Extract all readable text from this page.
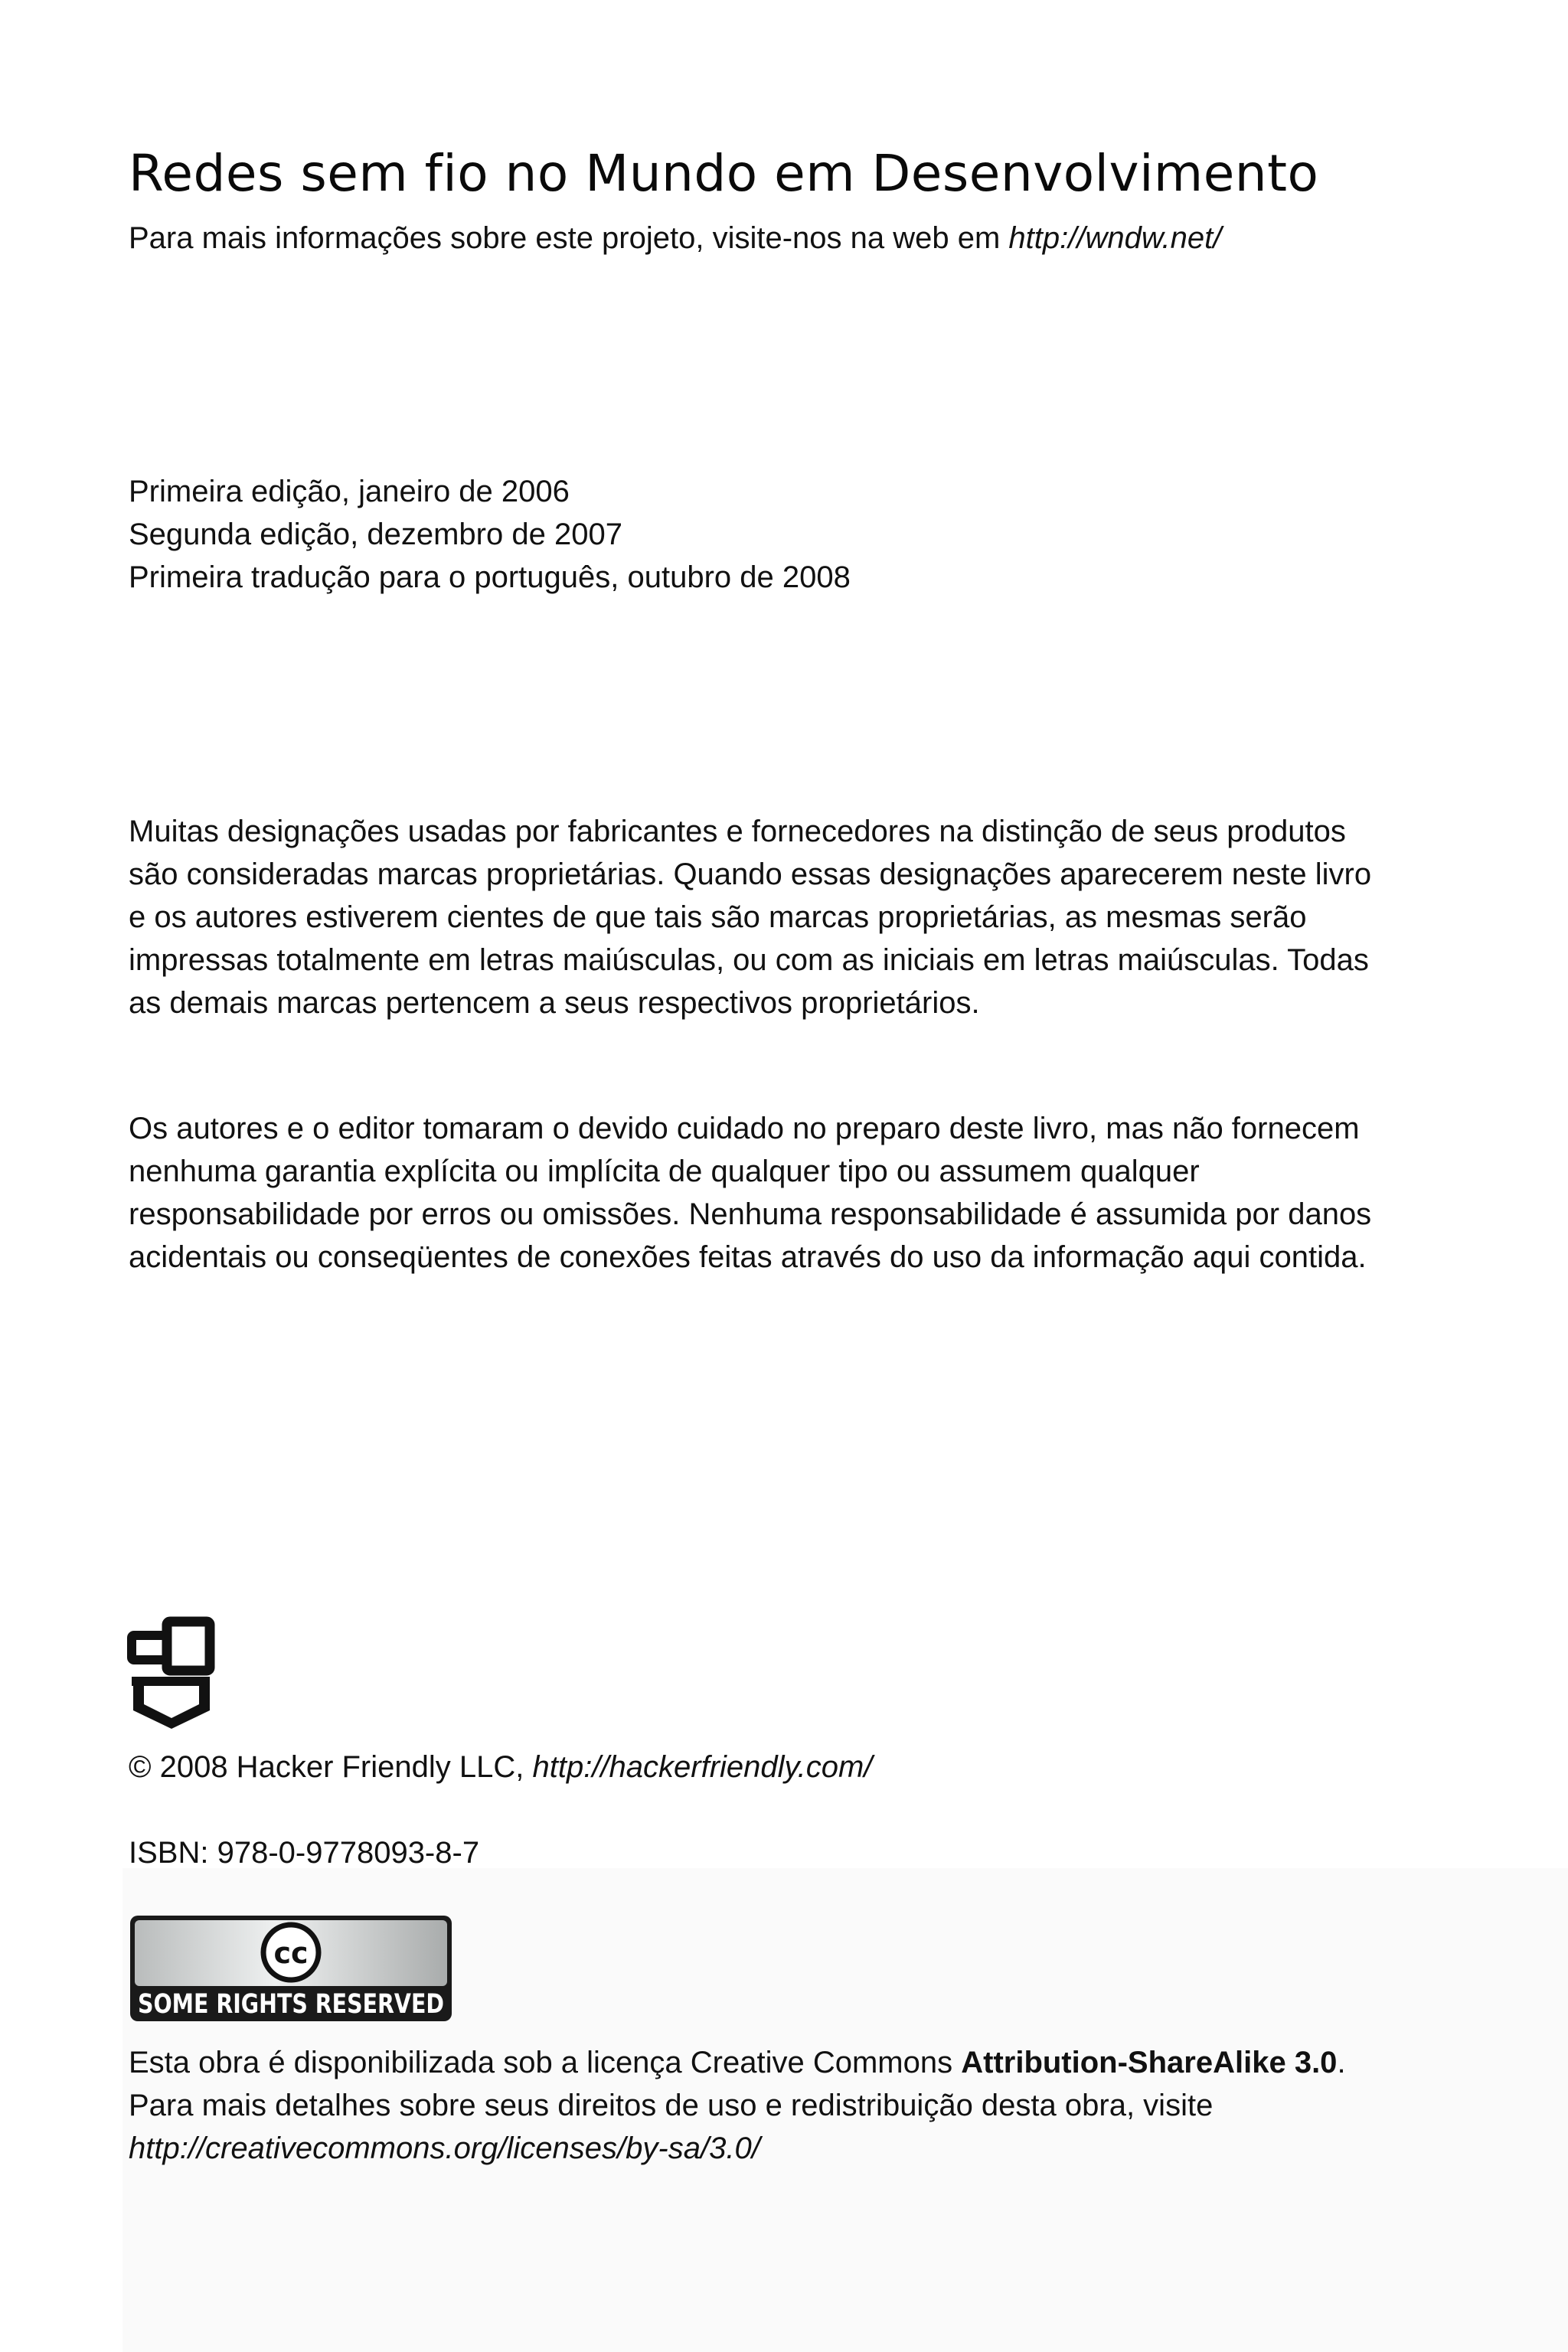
Redes sem fio no Mundo em Desenvolvimento

Para mais informações sobre este projeto, visite-nos na web em http://wndw.net/

Primeira edição, janeiro de 2006
Segunda edição, dezembro de 2007
Primeira tradução para o português, outubro de 2008

Muitas designações usadas por fabricantes e fornecedores na distinção de seus produtos são consideradas marcas proprietárias. Quando essas designações aparecerem neste livro e os autores estiverem cientes de que tais são marcas proprietárias, as mesmas serão impressas totalmente em letras maiúsculas, ou com as iniciais em letras maiúsculas. Todas as demais marcas pertencem a seus respectivos proprietários.

Os autores e o editor tomaram o devido cuidado no preparo deste livro, mas não fornecem nenhuma garantia explícita ou implícita de qualquer tipo ou assumem qualquer responsabilidade por erros ou omissões. Nenhuma responsabilidade é assumida por danos acidentais ou conseqüentes de conexões feitas através do uso da informação aqui contida.

© 2008 Hacker Friendly LLC, http://hackerfriendly.com/

ISBN: 978-0-9778093-8-7

cc
SOME RIGHTS RESERVED

Esta obra é disponibilizada sob a licença Creative Commons Attribution-ShareAlike 3.0. Para mais detalhes sobre seus direitos de uso e redistribuição desta obra, visite http://creativecommons.org/licenses/by-sa/3.0/
